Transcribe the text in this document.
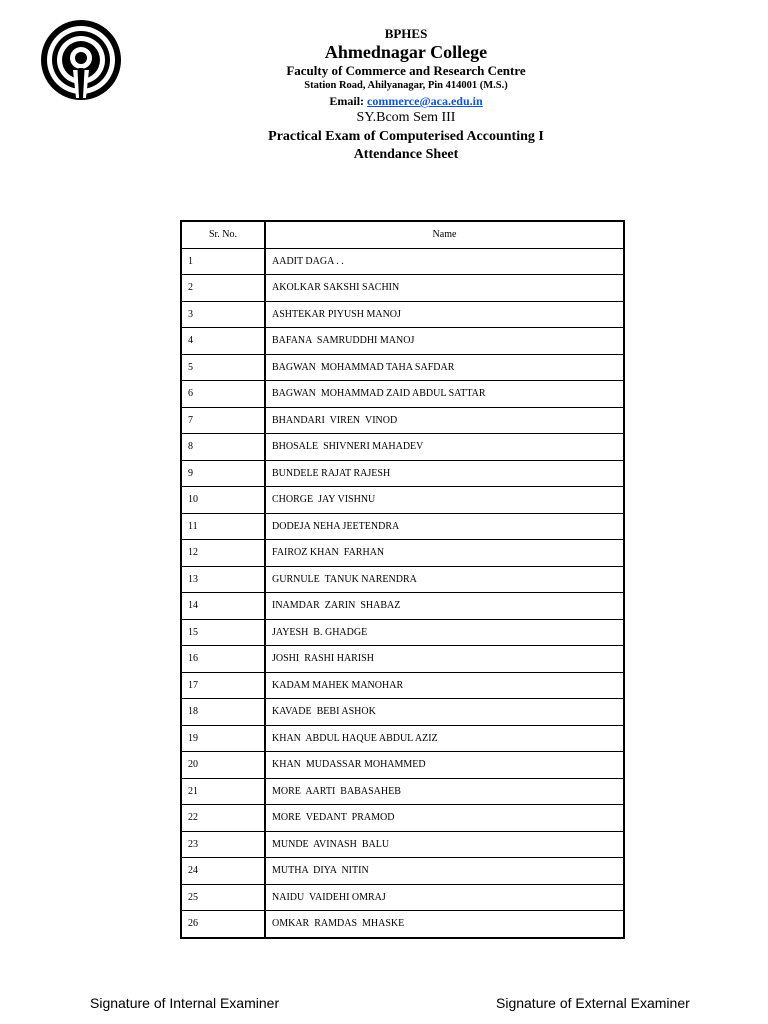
BPHES
Ahmednagar College
Faculty of Commerce and Research Centre
Station Road, Ahilyanagar, Pin 414001 (M.S.)
Email: commerce@aca.edu.in
SY.Bcom Sem III
Practical Exam of Computerised Accounting I
Attendance Sheet
Sr. No.	Name
1	AADIT DAGA . .
2	AKOLKAR SAKSHI SACHIN
3	ASHTEKAR PIYUSH MANOJ
4	BAFANA  SAMRUDDHI MANOJ
5	BAGWAN  MOHAMMAD TAHA SAFDAR
6	BAGWAN  MOHAMMAD ZAID ABDUL SATTAR
7	BHANDARI  VIREN  VINOD
8	BHOSALE  SHIVNERI MAHADEV
9	BUNDELE RAJAT RAJESH
10	CHORGE  JAY VISHNU
11	DODEJA NEHA JEETENDRA
12	FAIROZ KHAN  FARHAN
13	GURNULE  TANUK NARENDRA
14	INAMDAR  ZARIN  SHABAZ
15	JAYESH  B. GHADGE
16	JOSHI  RASHI HARISH
17	KADAM MAHEK MANOHAR
18	KAVADE  BEBI ASHOK
19	KHAN  ABDUL HAQUE ABDUL AZIZ
20	KHAN  MUDASSAR MOHAMMED
21	MORE  AARTI  BABASAHEB
22	MORE  VEDANT  PRAMOD
23	MUNDE  AVINASH  BALU
24	MUTHA  DIYA  NITIN
25	NAIDU  VAIDEHI OMRAJ
26	OMKAR  RAMDAS  MHASKE
Signature of Internal Examiner	Signature of External Examiner
